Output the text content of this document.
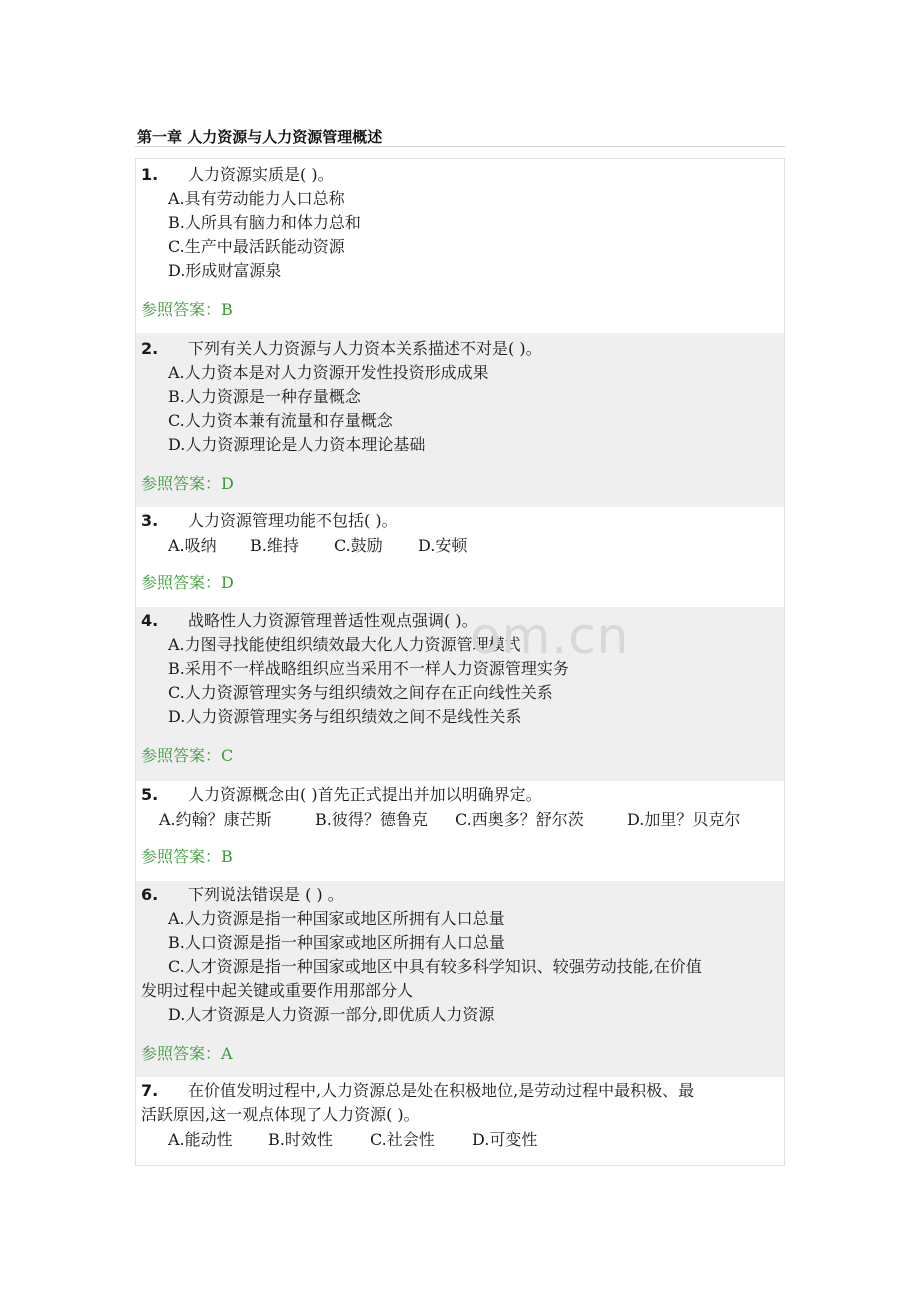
第一章 人力资源与人力资源管理概述
1. 人力资源实质是( )。
A.具有劳动能力人口总称
B.人所具有脑力和体力总和
C.生产中最活跃能动资源
D.形成财富源泉
参照答案：B
2. 下列有关人力资源与人力资本关系描述不对是( )。
A.人力资本是对人力资源开发性投资形成成果
B.人力资源是一种存量概念
C.人力资本兼有流量和存量概念
D.人力资源理论是人力资本理论基础
参照答案：D
3. 人力资源管理功能不包括( )。
A.吸纳	B.维持	C.鼓励	D.安顿
参照答案：D
4. 战略性人力资源管理普适性观点强调( )。
A.力图寻找能使组织绩效最大化人力资源管理模式
B.采用不一样战略组织应当采用不一样人力资源管理实务
C.人力资源管理实务与组织绩效之间存在正向线性关系
D.人力资源管理实务与组织绩效之间不是线性关系
参照答案：C
5. 人力资源概念由( )首先正式提出并加以明确界定。
A.约翰？康芒斯	B.彼得？德鲁克	C.西奥多？舒尔茨	D.加里？贝克尔
参照答案：B
6. 下列说法错误是 ( ) 。
A.人力资源是指一种国家或地区所拥有人口总量
B.人口资源是指一种国家或地区所拥有人口总量
C.人才资源是指一种国家或地区中具有较多科学知识、较强劳动技能,在价值
发明过程中起关键或重要作用那部分人
D.人才资源是人力资源一部分,即优质人力资源
参照答案：A
7. 在价值发明过程中,人力资源总是处在积极地位,是劳动过程中最积极、最
活跃原因,这一观点体现了人力资源( )。
A.能动性	B.时效性	C.社会性	D.可变性
om.cn
